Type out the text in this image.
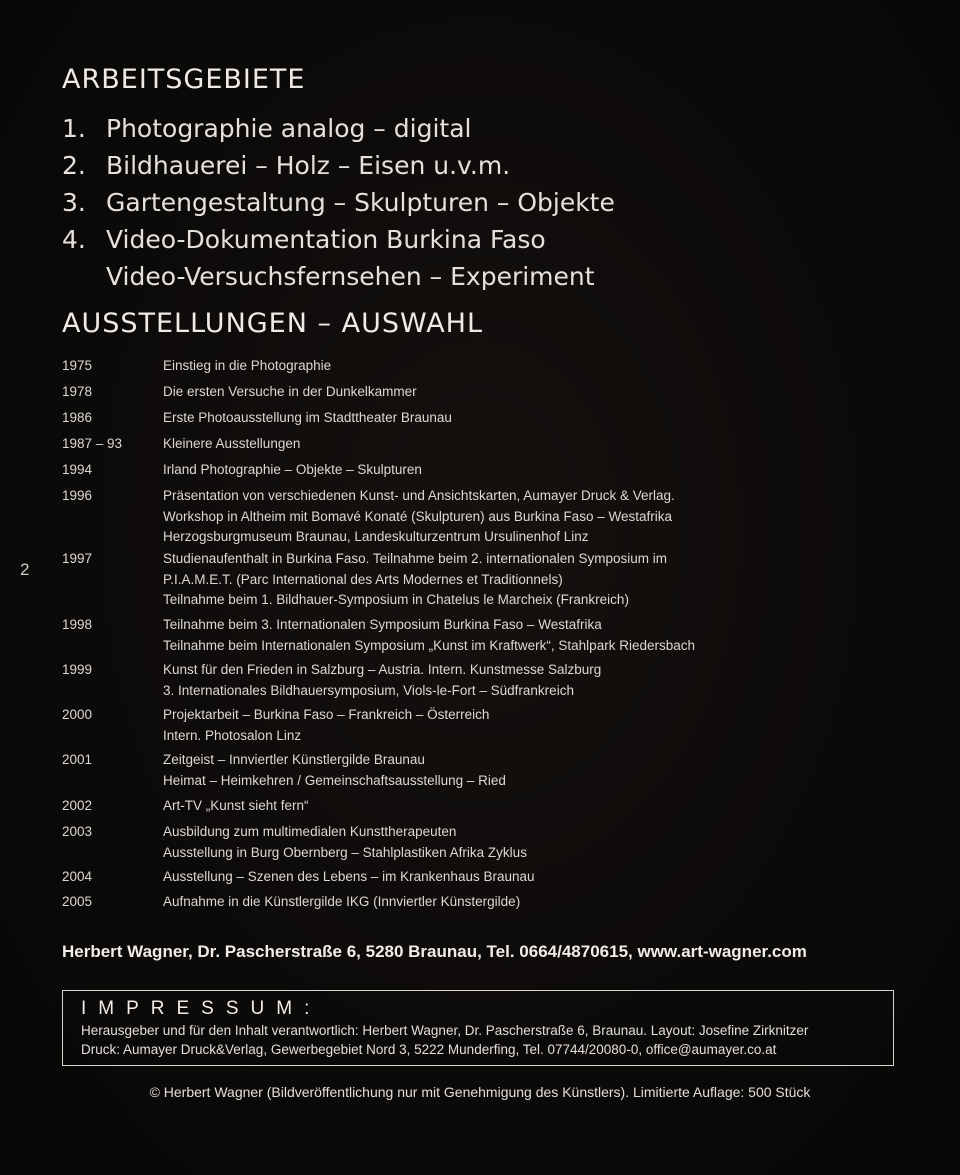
ARBEITSGEBIETE
1. Photographie analog – digital
2. Bildhauerei – Holz – Eisen u.v.m.
3. Gartengestaltung – Skulpturen – Objekte
4. Video-Dokumentation Burkina Faso
Video-Versuchsfernsehen – Experiment
AUSSTELLUNGEN – AUSWAHL
1975	Einstieg in die Photographie
1978	Die ersten Versuche in der Dunkelkammer
1986	Erste Photoausstellung im Stadttheater Braunau
1987 – 93	Kleinere Ausstellungen
1994	Irland Photographie – Objekte – Skulpturen
1996	Präsentation von verschiedenen Kunst- und Ansichtskarten, Aumayer Druck & Verlag.
Workshop in Altheim mit Bomavé Konaté (Skulpturen) aus Burkina Faso – Westafrika
Herzogsburgmuseum Braunau, Landeskulturzentrum Ursulinenhof Linz
1997	Studienaufenthalt in Burkina Faso. Teilnahme beim 2. internationalen Symposium im
P.I.A.M.E.T. (Parc International des Arts Modernes et Traditionnels)
Teilnahme beim 1. Bildhauer-Symposium in Chatelus le Marcheix (Frankreich)
1998	Teilnahme beim 3. Internationalen Symposium Burkina Faso – Westafrika
Teilnahme beim Internationalen Symposium „Kunst im Kraftwerk“, Stahlpark Riedersbach
1999	Kunst für den Frieden in Salzburg – Austria. Intern. Kunstmesse Salzburg
3. Internationales Bildhauersymposium, Viols-le-Fort – Südfrankreich
2000	Projektarbeit – Burkina Faso – Frankreich – Österreich
Intern. Photosalon Linz
2001	Zeitgeist – Innviertler Künstlergilde Braunau
Heimat – Heimkehren / Gemeinschaftsausstellung – Ried
2002	Art-TV „Kunst sieht fern“
2003	Ausbildung zum multimedialen Kunsttherapeuten
Ausstellung in Burg Obernberg – Stahlplastiken Afrika Zyklus
2004	Ausstellung – Szenen des Lebens – im Krankenhaus Braunau
2005	Aufnahme in die Künstlergilde IKG (Innviertler Künstergilde)
2
Herbert Wagner, Dr. Pascherstraße 6, 5280 Braunau, Tel. 0664/4870615, www.art-wagner.com
IMPRESSUM:
Herausgeber und für den Inhalt verantwortlich: Herbert Wagner, Dr. Pascherstraße 6, Braunau. Layout: Josefine Zirknitzer
Druck: Aumayer Druck&Verlag, Gewerbegebiet Nord 3, 5222 Munderfing, Tel. 07744/20080-0, office@aumayer.co.at
© Herbert Wagner (Bildveröffentlichung nur mit Genehmigung des Künstlers). Limitierte Auflage: 500 Stück
